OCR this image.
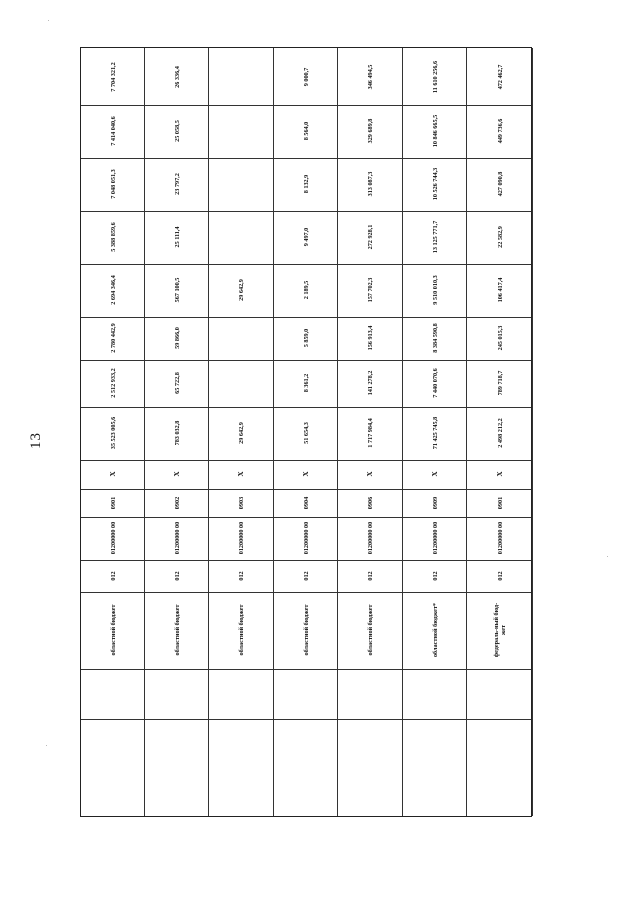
13	35 523 005,6
2 512 933,2
2 780 442,9
2 694 346,4
5 388 859,6
7 048 051,3
7 414 040,6
7 704 321,2
Х
0901
01200000 00
012
областной бюджет
783 032,8
65 722,8
59 866,0
567 100,5
25 111,4
23 797,2
25 058,5
26 336,4
Х
0902
01200000 00
012
областной бюджет
29 642,9
29 642,9
Х
0903
01200000 00
012
областной бюджет
51 654,3
8 361,2
5 859,0
2 189,5
9 497,0
8 132,9
8 564,0
9 000,7
Х
0904
01200000 00
012
областной бюджет
1 717 984,4
141 278,2
156 913,4
157 702,3
272 928,1
313 087,3
329 689,8
346 494,5
Х
0906
01200000 00
012
областной бюджет
71 425 745,8
7 440 070,6
8 384 590,8
9 510 010,3
13 125 771,7
10 526 744,3
10 846 665,5
11 610 256,6
Х
0909
01200000 00
012
областной бюджет*
2 498 212,2
789 718,7
245 015,3
106 417,4
22 582,9
427 090,8
449 736,6
472 462,7
Х
0901
01200000 00
012
федераль-ный бюд-жет
